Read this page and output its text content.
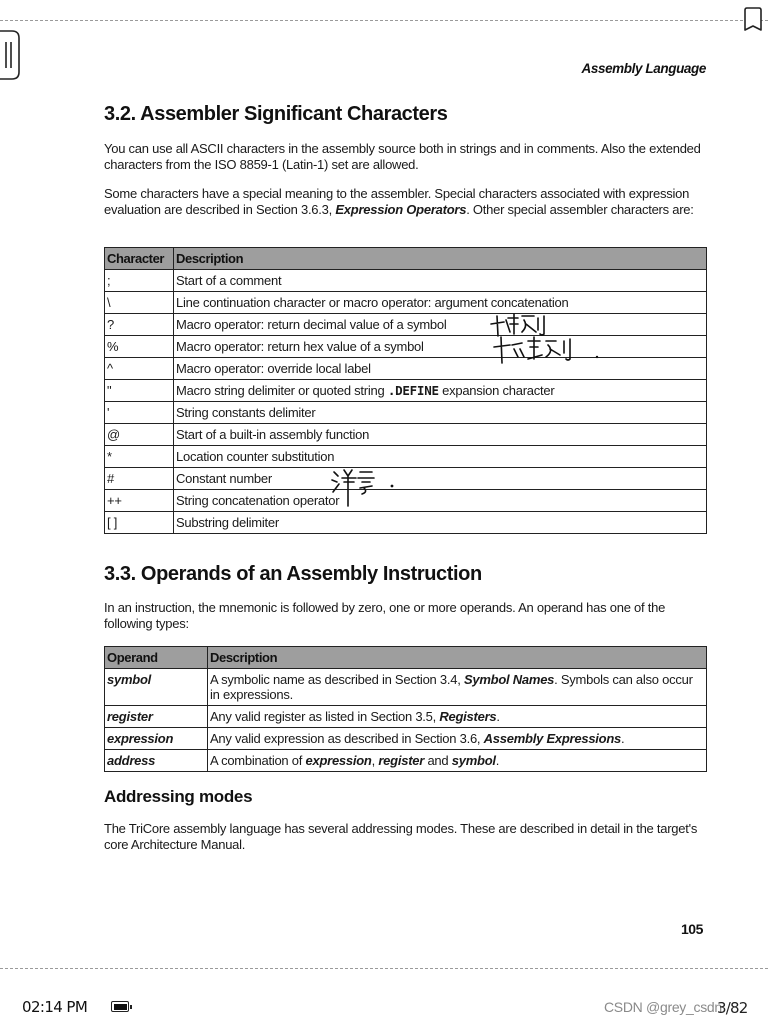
Assembly Language
3.2. Assembler Significant Characters

You can use all ASCII characters in the assembly source both in strings and in comments. Also the extended characters from the ISO 8859-1 (Latin-1) set are allowed.

Some characters have a special meaning to the assembler. Special characters associated with expression evaluation are described in Section 3.6.3, Expression Operators. Other special assembler characters are:

Character	Description
;	Start of a comment
\	Line continuation character or macro operator: argument concatenation
?	Macro operator: return decimal value of a symbol
%	Macro operator: return hex value of a symbol
^	Macro operator: override local label
"	Macro string delimiter or quoted string .DEFINE expansion character
'	String constants delimiter
@	Start of a built-in assembly function
*	Location counter substitution
#	Constant number
++	String concatenation operator
[ ]	Substring delimiter
3.3. Operands of an Assembly Instruction

In an instruction, the mnemonic is followed by zero, one or more operands. An operand has one of the following types:

Operand	Description
symbol	A symbolic name as described in Section 3.4, Symbol Names. Symbols can also occur in expressions.
register	Any valid register as listed in Section 3.5, Registers.
expression	Any valid expression as described in Section 3.6, Assembly Expressions.
address	A combination of expression, register and symbol.
Addressing modes

The TriCore assembly language has several addressing modes. These are described in detail in the target's core Architecture Manual.

105
02:14 PM	CSDN @grey_csdn
3/82
